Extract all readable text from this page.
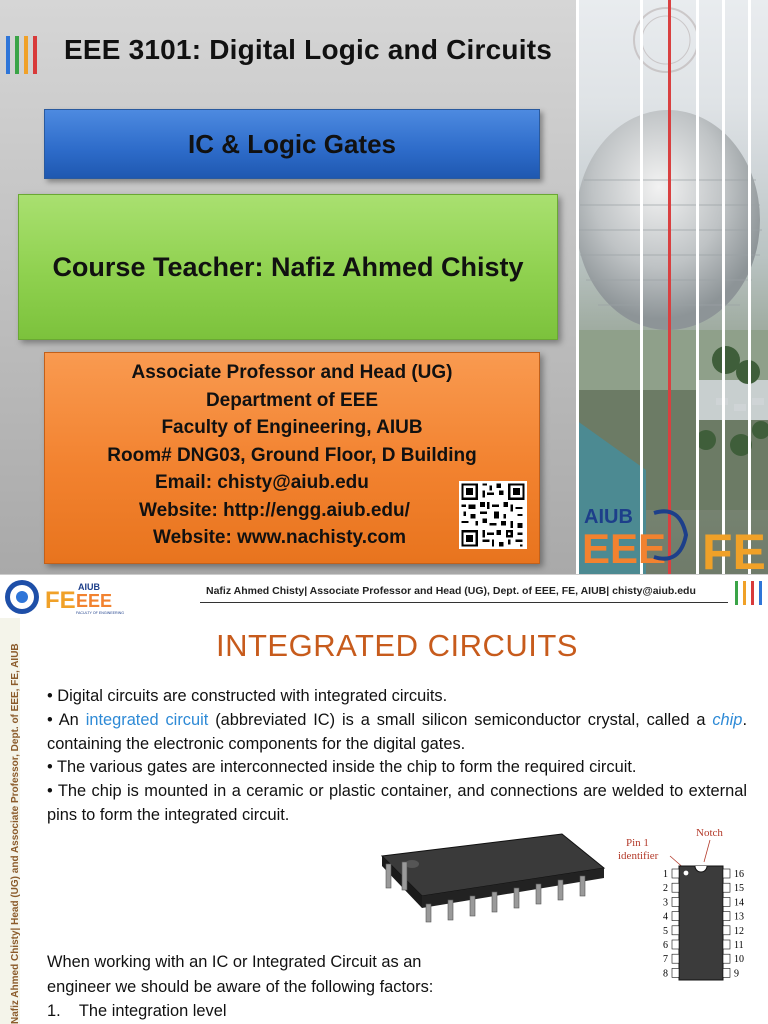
EEE 3101: Digital Logic and Circuits
IC & Logic Gates
Course Teacher: Nafiz Ahmed Chisty
Associate Professor and Head (UG)
Department of EEE
Faculty of Engineering, AIUB
Room# DNG03, Ground Floor, D Building
Email: chisty@aiub.edu
Website: http://engg.aiub.edu/
Website: www.nachisty.com
AIUB
EEE FE
FE AIUB
EEE
FACULTY OF ENGINEERING
Nafiz Ahmed Chisty| Associate Professor and Head (UG), Dept. of EEE, FE, AIUB| chisty@aiub.edu
Nafiz Ahmed Chisty| Head (UG) and Associate Professor, Dept. of EEE, FE, AIUB	INTEGRATED CIRCUITS

• Digital circuits are constructed with integrated circuits.

• An integrated circuit (abbreviated IC) is a small silicon semiconductor crystal, called a chip. containing the electronic components for the digital gates.

• The various gates are interconnected inside the chip to form the required circuit.

• The chip is mounted in a ceramic or plastic container, and connections are welded to external pins to form the integrated circuit.

Notch
Pin 1
identifier
1
2
3
4
5
6
7
8
16
15
14
13
12
11
10
9

When working with an IC or Integrated Circuit as an engineer we should be aware of the following factors:

1. The integration level
